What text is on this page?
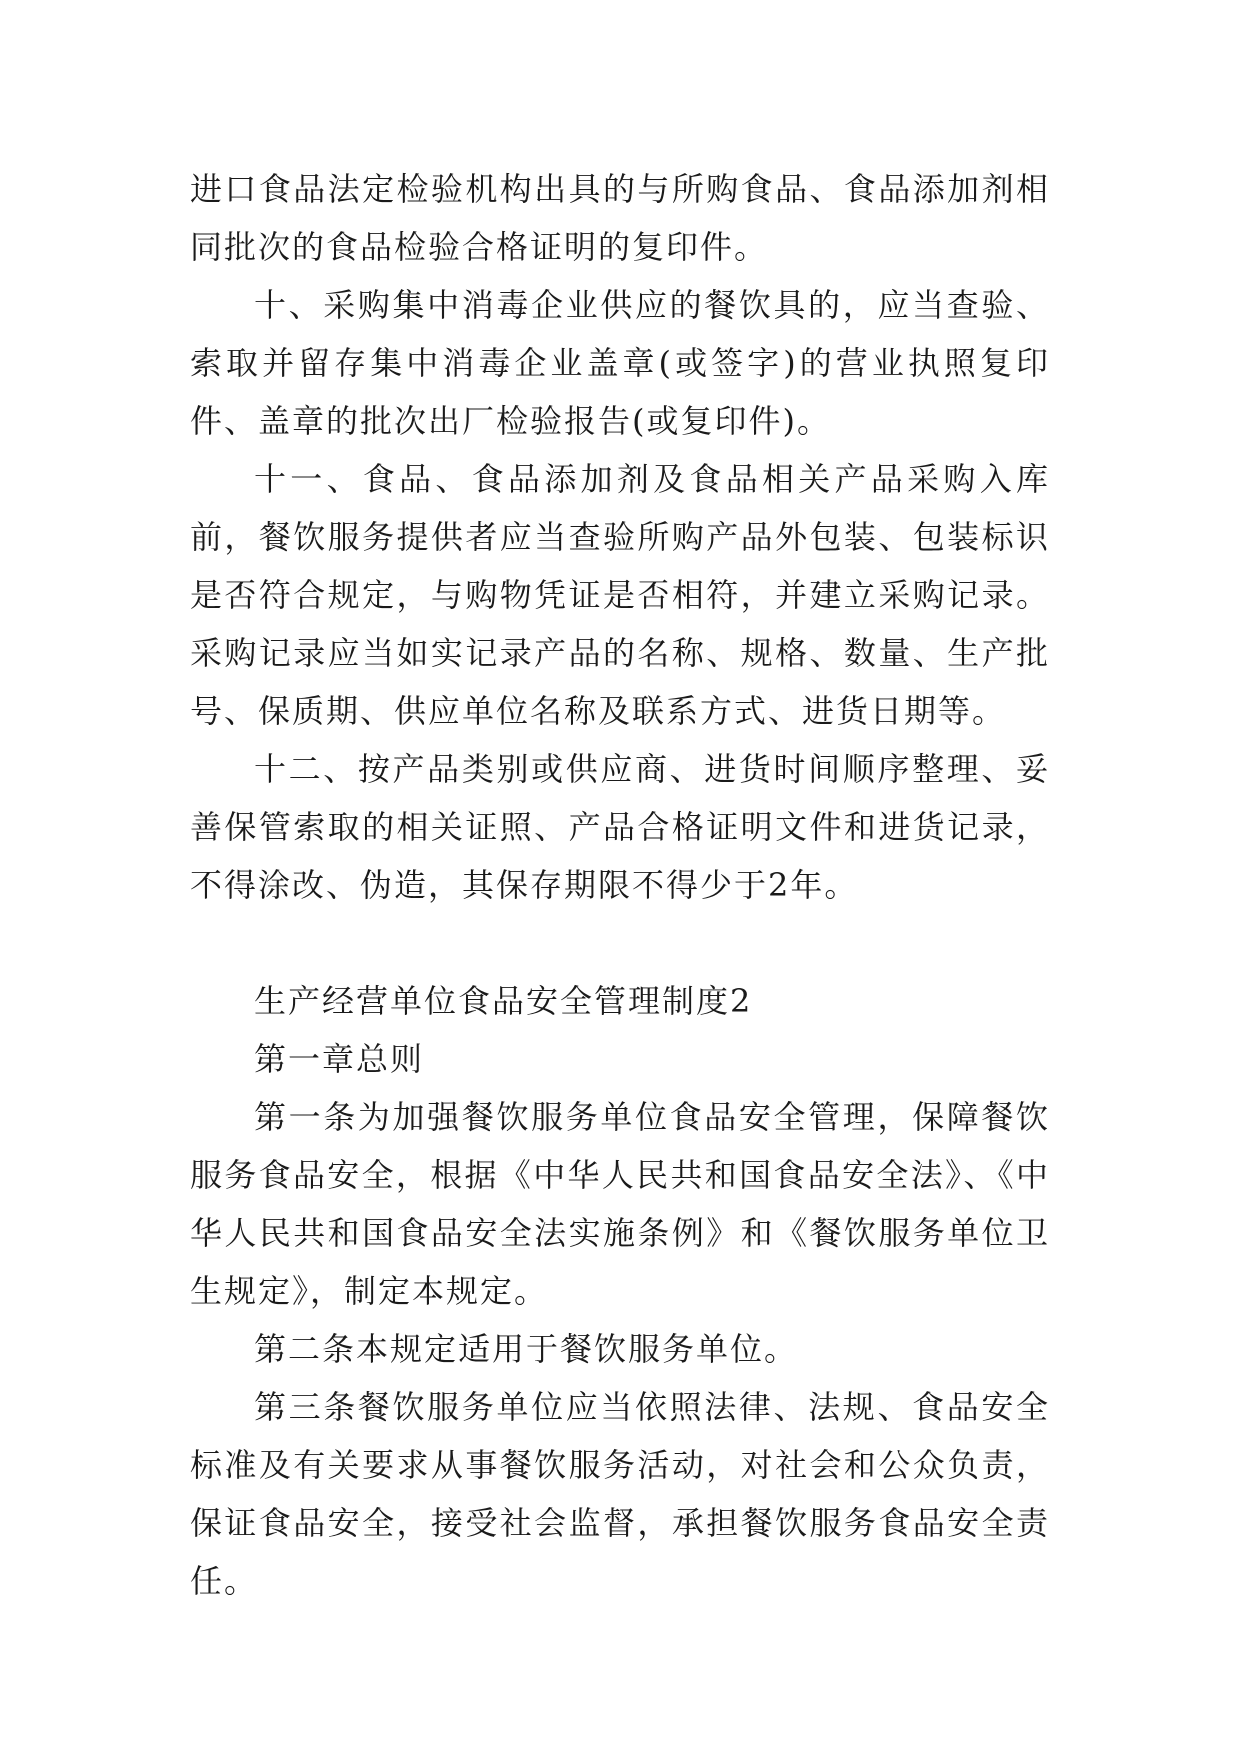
进口食品法定检验机构出具的与所购食品、食品添加剂相同批次的食品检验合格证明的复印件。

十、采购集中消毒企业供应的餐饮具的，应当查验、索取并留存集中消毒企业盖章(或签字)的营业执照复印件、盖章的批次出厂检验报告(或复印件)。

十一、食品、食品添加剂及食品相关产品采购入库前，餐饮服务提供者应当查验所购产品外包装、包装标识是否符合规定，与购物凭证是否相符，并建立采购记录。采购记录应当如实记录产品的名称、规格、数量、生产批号、保质期、供应单位名称及联系方式、进货日期等。

十二、按产品类别或供应商、进货时间顺序整理、妥善保管索取的相关证照、产品合格证明文件和进货记录，不得涂改、伪造，其保存期限不得少于2年。

生产经营单位食品安全管理制度2

第一章总则

第一条为加强餐饮服务单位食品安全管理，保障餐饮服务食品安全，根据《中华人民共和国食品安全法》、《中华人民共和国食品安全法实施条例》和《餐饮服务单位卫生规定》，制定本规定。

第二条本规定适用于餐饮服务单位。

第三条餐饮服务单位应当依照法律、法规、食品安全标准及有关要求从事餐饮服务活动，对社会和公众负责，保证食品安全，接受社会监督，承担餐饮服务食品安全责任。
